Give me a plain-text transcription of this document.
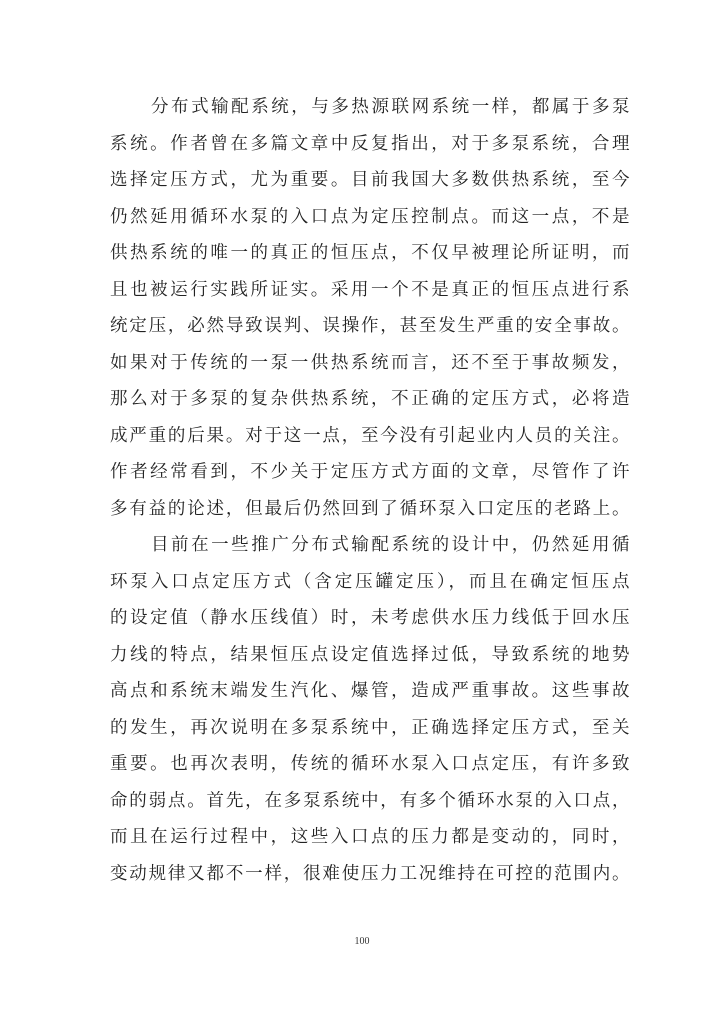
分布式输配系统，与多热源联网系统一样，都属于多泵
系统。作者曾在多篇文章中反复指出，对于多泵系统，合理
选择定压方式，尤为重要。目前我国大多数供热系统，至今
仍然延用循环水泵的入口点为定压控制点。而这一点，不是
供热系统的唯一的真正的恒压点，不仅早被理论所证明，而
且也被运行实践所证实。采用一个不是真正的恒压点进行系
统定压，必然导致误判、误操作，甚至发生严重的安全事故。
如果对于传统的一泵一供热系统而言，还不至于事故频发，
那么对于多泵的复杂供热系统，不正确的定压方式，必将造
成严重的后果。对于这一点，至今没有引起业内人员的关注。
作者经常看到，不少关于定压方式方面的文章，尽管作了许
多有益的论述，但最后仍然回到了循环泵入口定压的老路上。
目前在一些推广分布式输配系统的设计中，仍然延用循
环泵入口点定压方式（含定压罐定压），而且在确定恒压点
的设定值（静水压线值）时，未考虑供水压力线低于回水压
力线的特点，结果恒压点设定值选择过低，导致系统的地势
高点和系统末端发生汽化、爆管，造成严重事故。这些事故
的发生，再次说明在多泵系统中，正确选择定压方式，至关
重要。也再次表明，传统的循环水泵入口点定压，有许多致
命的弱点。首先，在多泵系统中，有多个循环水泵的入口点，
而且在运行过程中，这些入口点的压力都是变动的，同时，
变动规律又都不一样，很难使压力工况维持在可控的范围内。
100
